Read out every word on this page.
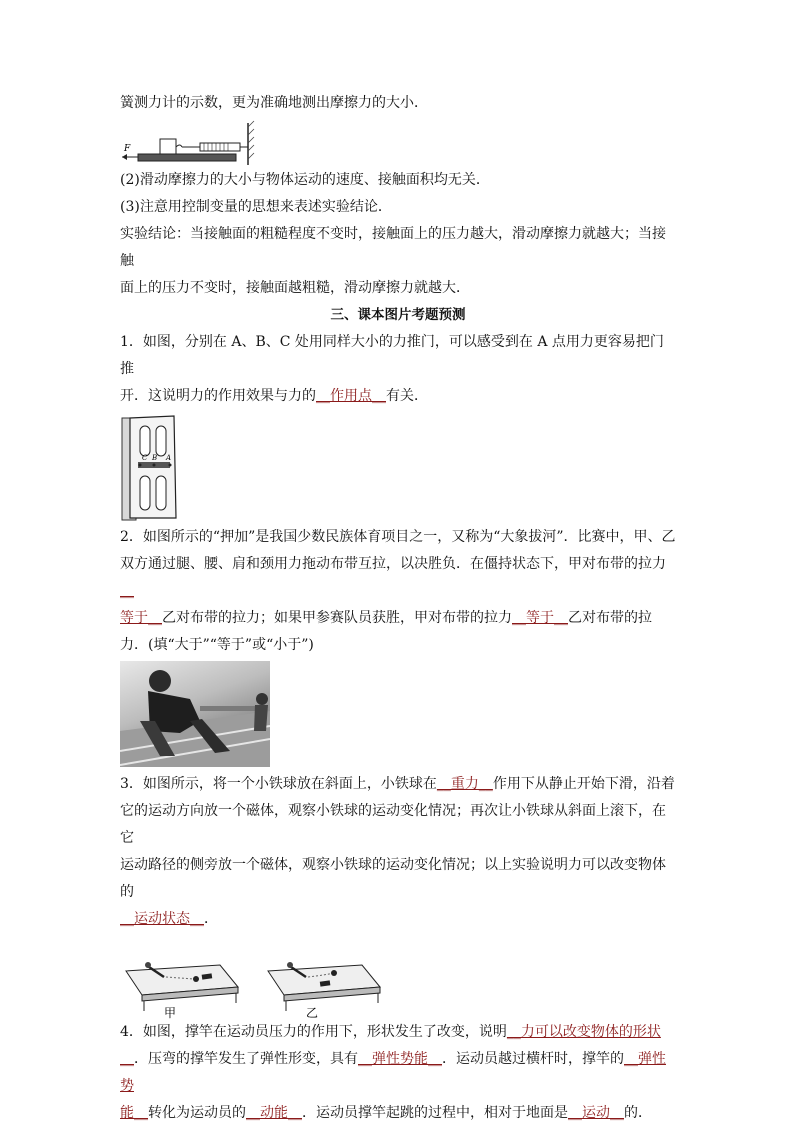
簧测力计的示数，更为准确地测出摩擦力的大小．

F

(2)滑动摩擦力的大小与物体运动的速度、接触面积均无关．

(3)注意用控制变量的思想来表述实验结论．

实验结论：当接触面的粗糙程度不变时，接触面上的压力越大，滑动摩擦力就越大；当接触

面上的压力不变时，接触面越粗糙，滑动摩擦力就越大．

三、课本图片考题预测

1．如图，分别在 A、B、C 处用同样大小的力推门，可以感受到在 A 点用力更容易把门推

开．这说明力的作用效果与力的__作用点__有关．

C B A

2．如图所示的“押加”是我国少数民族体育项目之一，又称为“大象拔河”．比赛中，甲、乙

双方通过腿、腰、肩和颈用力拖动布带互拉，以决胜负．在僵持状态下，甲对布带的拉力__

等于__乙对布带的拉力；如果甲参赛队员获胜，甲对布带的拉力__等于__乙对布带的拉

力．(填“大于”“等于”或“小于”)

3．如图所示，将一个小铁球放在斜面上，小铁球在__重力__作用下从静止开始下滑，沿着

它的运动方向放一个磁体，观察小铁球的运动变化情况；再次让小铁球从斜面上滚下，在它

运动路径的侧旁放一个磁体，观察小铁球的运动变化情况；以上实验说明力可以改变物体的

__运动状态__．

甲	乙

4．如图，撑竿在运动员压力的作用下，形状发生了改变，说明__力可以改变物体的形状

__．压弯的撑竿发生了弹性形变，具有__弹性势能__．运动员越过横杆时，撑竿的__弹性势

能__转化为运动员的__动能__．运动员撑竿起跳的过程中，相对于地面是__运动__的．
